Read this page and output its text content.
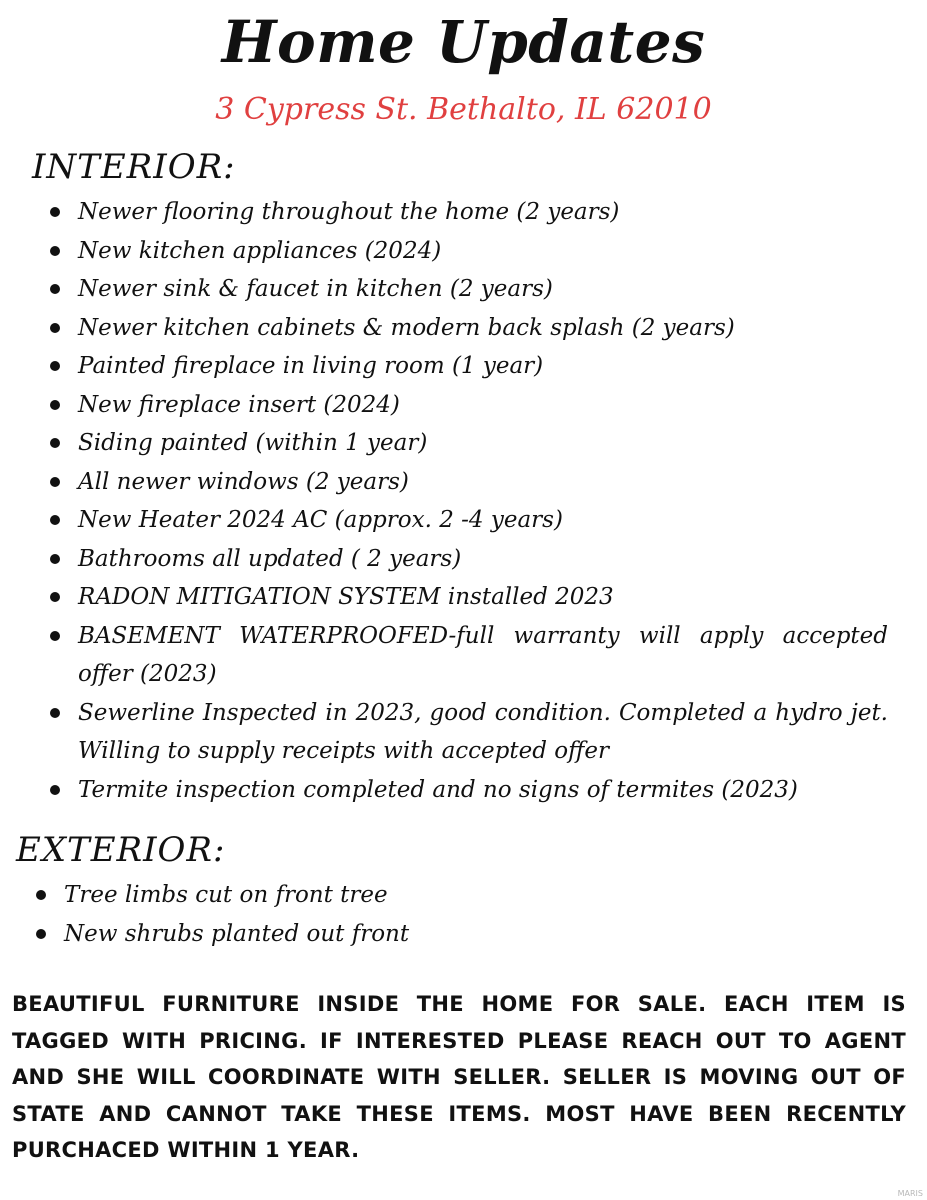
Home Updates
3 Cypress St. Bethalto, IL 62010
INTERIOR:
Newer flooring throughout the home (2 years)
New kitchen appliances (2024)
Newer sink & faucet in kitchen (2 years)
Newer kitchen cabinets & modern back splash (2 years)
Painted fireplace in living room (1 year)
New fireplace insert (2024)
Siding painted (within 1 year)
All newer windows (2 years)
New Heater 2024 AC (approx. 2 -4 years)
Bathrooms all updated ( 2 years)
RADON MITIGATION SYSTEM installed 2023
BASEMENT WATERPROOFED-full warranty will apply accepted offer (2023)
Sewerline Inspected in 2023, good condition. Completed a hydro jet. Willing to supply receipts with accepted offer
Termite inspection completed and no signs of termites (2023)
EXTERIOR:
Tree limbs cut on front tree
New shrubs planted out front

BEAUTIFUL FURNITURE INSIDE THE HOME FOR SALE. EACH ITEM IS TAGGED WITH PRICING. IF INTERESTED PLEASE REACH OUT TO AGENT AND SHE WILL COORDINATE WITH SELLER. SELLER IS MOVING OUT OF STATE AND CANNOT TAKE THESE ITEMS. MOST HAVE BEEN RECENTLY PURCHACED WITHIN 1 YEAR.

MARIS
